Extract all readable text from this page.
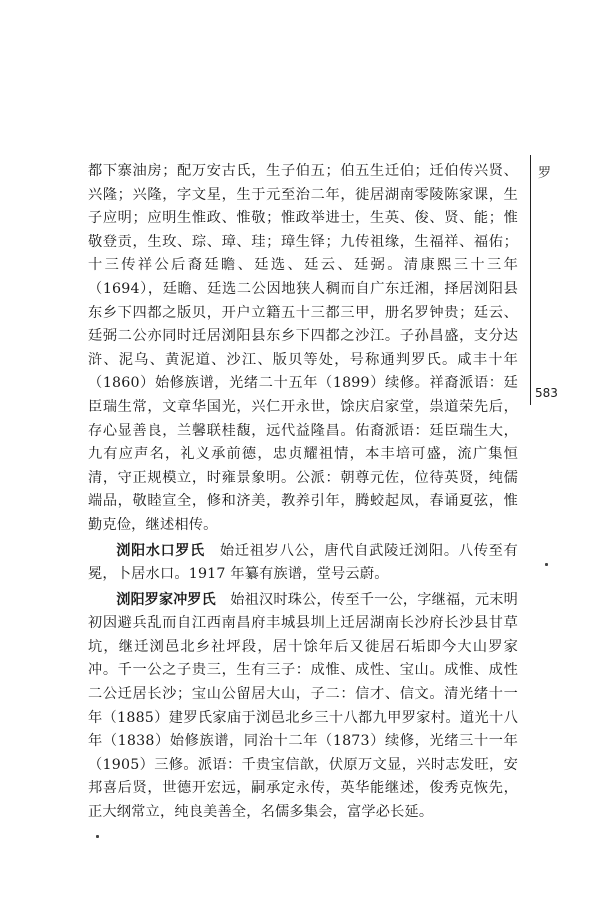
罗
583

都下寨油房；配万安古氏，生子伯五；伯五生迁伯；迁伯传兴贤、兴隆；兴隆，字文星，生于元至治二年，徙居湖南零陵陈家课，生子应明；应明生惟政、惟敬；惟政举进士，生英、俊、贤、能；惟敬登贡，生玫、琮、璋、珪；璋生铎；九传祖缘，生福祥、福佑；十三传祥公后裔廷瞻、廷选、廷云、廷弼。清康熙三十三年（1694），廷瞻、廷选二公因地狭人稠而自广东迁湘，择居浏阳县东乡下四都之版贝，开户立籍五十三都三甲，册名罗钟贵；廷云、廷弼二公亦同时迁居浏阳县东乡下四都之沙江。子孙昌盛，支分达浒、泥乌、黄泥道、沙江、版贝等处，号称通判罗氏。咸丰十年（1860）始修族谱，光绪二十五年（1899）续修。祥裔派语：廷臣瑞生常，文章华国光，兴仁开永世，馀庆启家堂，祟道荣先后，存心显善良，兰馨联桂馥，远代益隆昌。佑裔派语：廷臣瑞生大，九有应声名，礼义承前德，忠贞耀祖情，本丰培可盛，流广集恒清，守正规模立，时雍景象明。公派：朝尊元佐，位待英贤，纯儒端品，敬睦宣全，修和济美，教养引年，腾蛟起凤，春诵夏弦，惟勤克俭，继述相传。

浏阳水口罗氏　 始迁祖岁八公，唐代自武陵迁浏阳。八传至有冕，卜居水口。1917 年纂有族谱，堂号云蔚。

浏阳罗家冲罗氏　 始祖汉时珠公，传至千一公，字继福，元末明初因避兵乱而自江西南昌府丰城县圳上迁居湖南长沙府长沙县甘草坑，继迁浏邑北乡社坪段，居十馀年后又徙居石垢即今大山罗家冲。千一公之子贵三，生有三子：成惟、成性、宝山。成惟、成性二公迁居长沙；宝山公留居大山，子二：信才、信文。清光绪十一年（1885）建罗氏家庙于浏邑北乡三十八都九甲罗家村。道光十八年（1838）始修族谱，同治十二年（1873）续修，光绪三十一年（1905）三修。派语：千贵宝信歆，伏原万文显，兴时志发旺，安邦喜后贤，世德开宏远，嗣承定永传，英华能继述，俊秀克恢先，正大纲常立，纯良美善全，名儒多集会，富学必长延。
